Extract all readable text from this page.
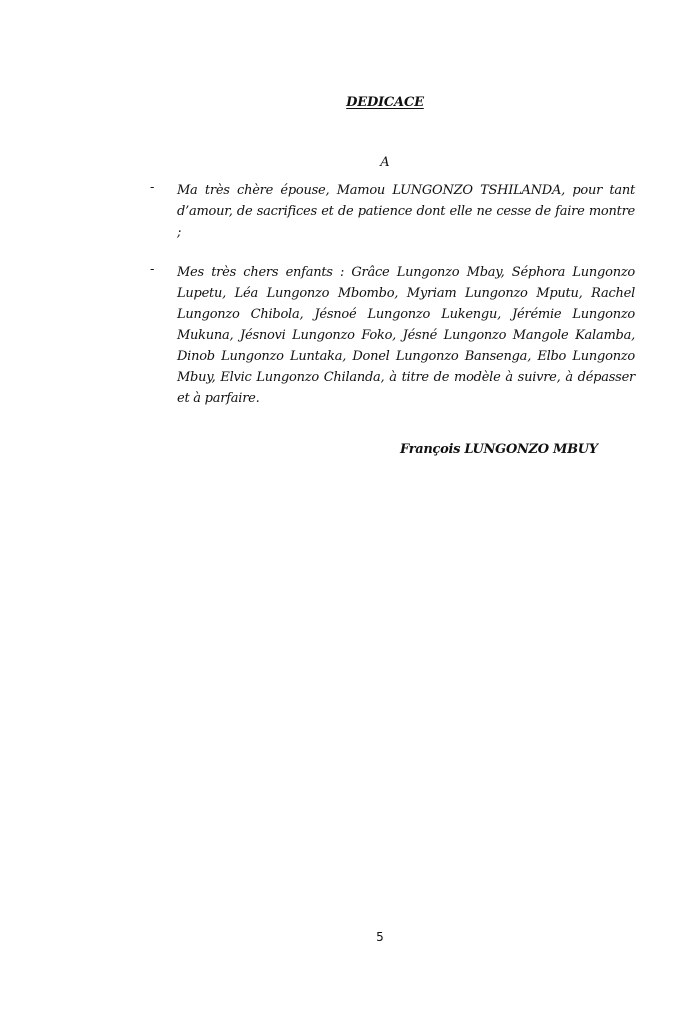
DEDICACE
A
- Ma très chère épouse, Mamou LUNGONZO TSHILANDA, pour tant d’amour, de sacrifices et de patience dont elle ne cesse de faire montre ;
- Mes très chers enfants : Grâce Lungonzo Mbay, Séphora Lungonzo Lupetu, Léa Lungonzo Mbombo, Myriam Lungonzo Mputu, Rachel Lungonzo Chibola, Jésnoé Lungonzo Lukengu, Jérémie Lungonzo Mukuna, Jésnovi Lungonzo Foko, Jésné Lungonzo Mangole Kalamba, Dinob Lungonzo Luntaka, Donel Lungonzo Bansenga, Elbo Lungonzo Mbuy, Elvic Lungonzo Chilanda, à titre de modèle à suivre, à dépasser et à parfaire.
François LUNGONZO MBUY
5
